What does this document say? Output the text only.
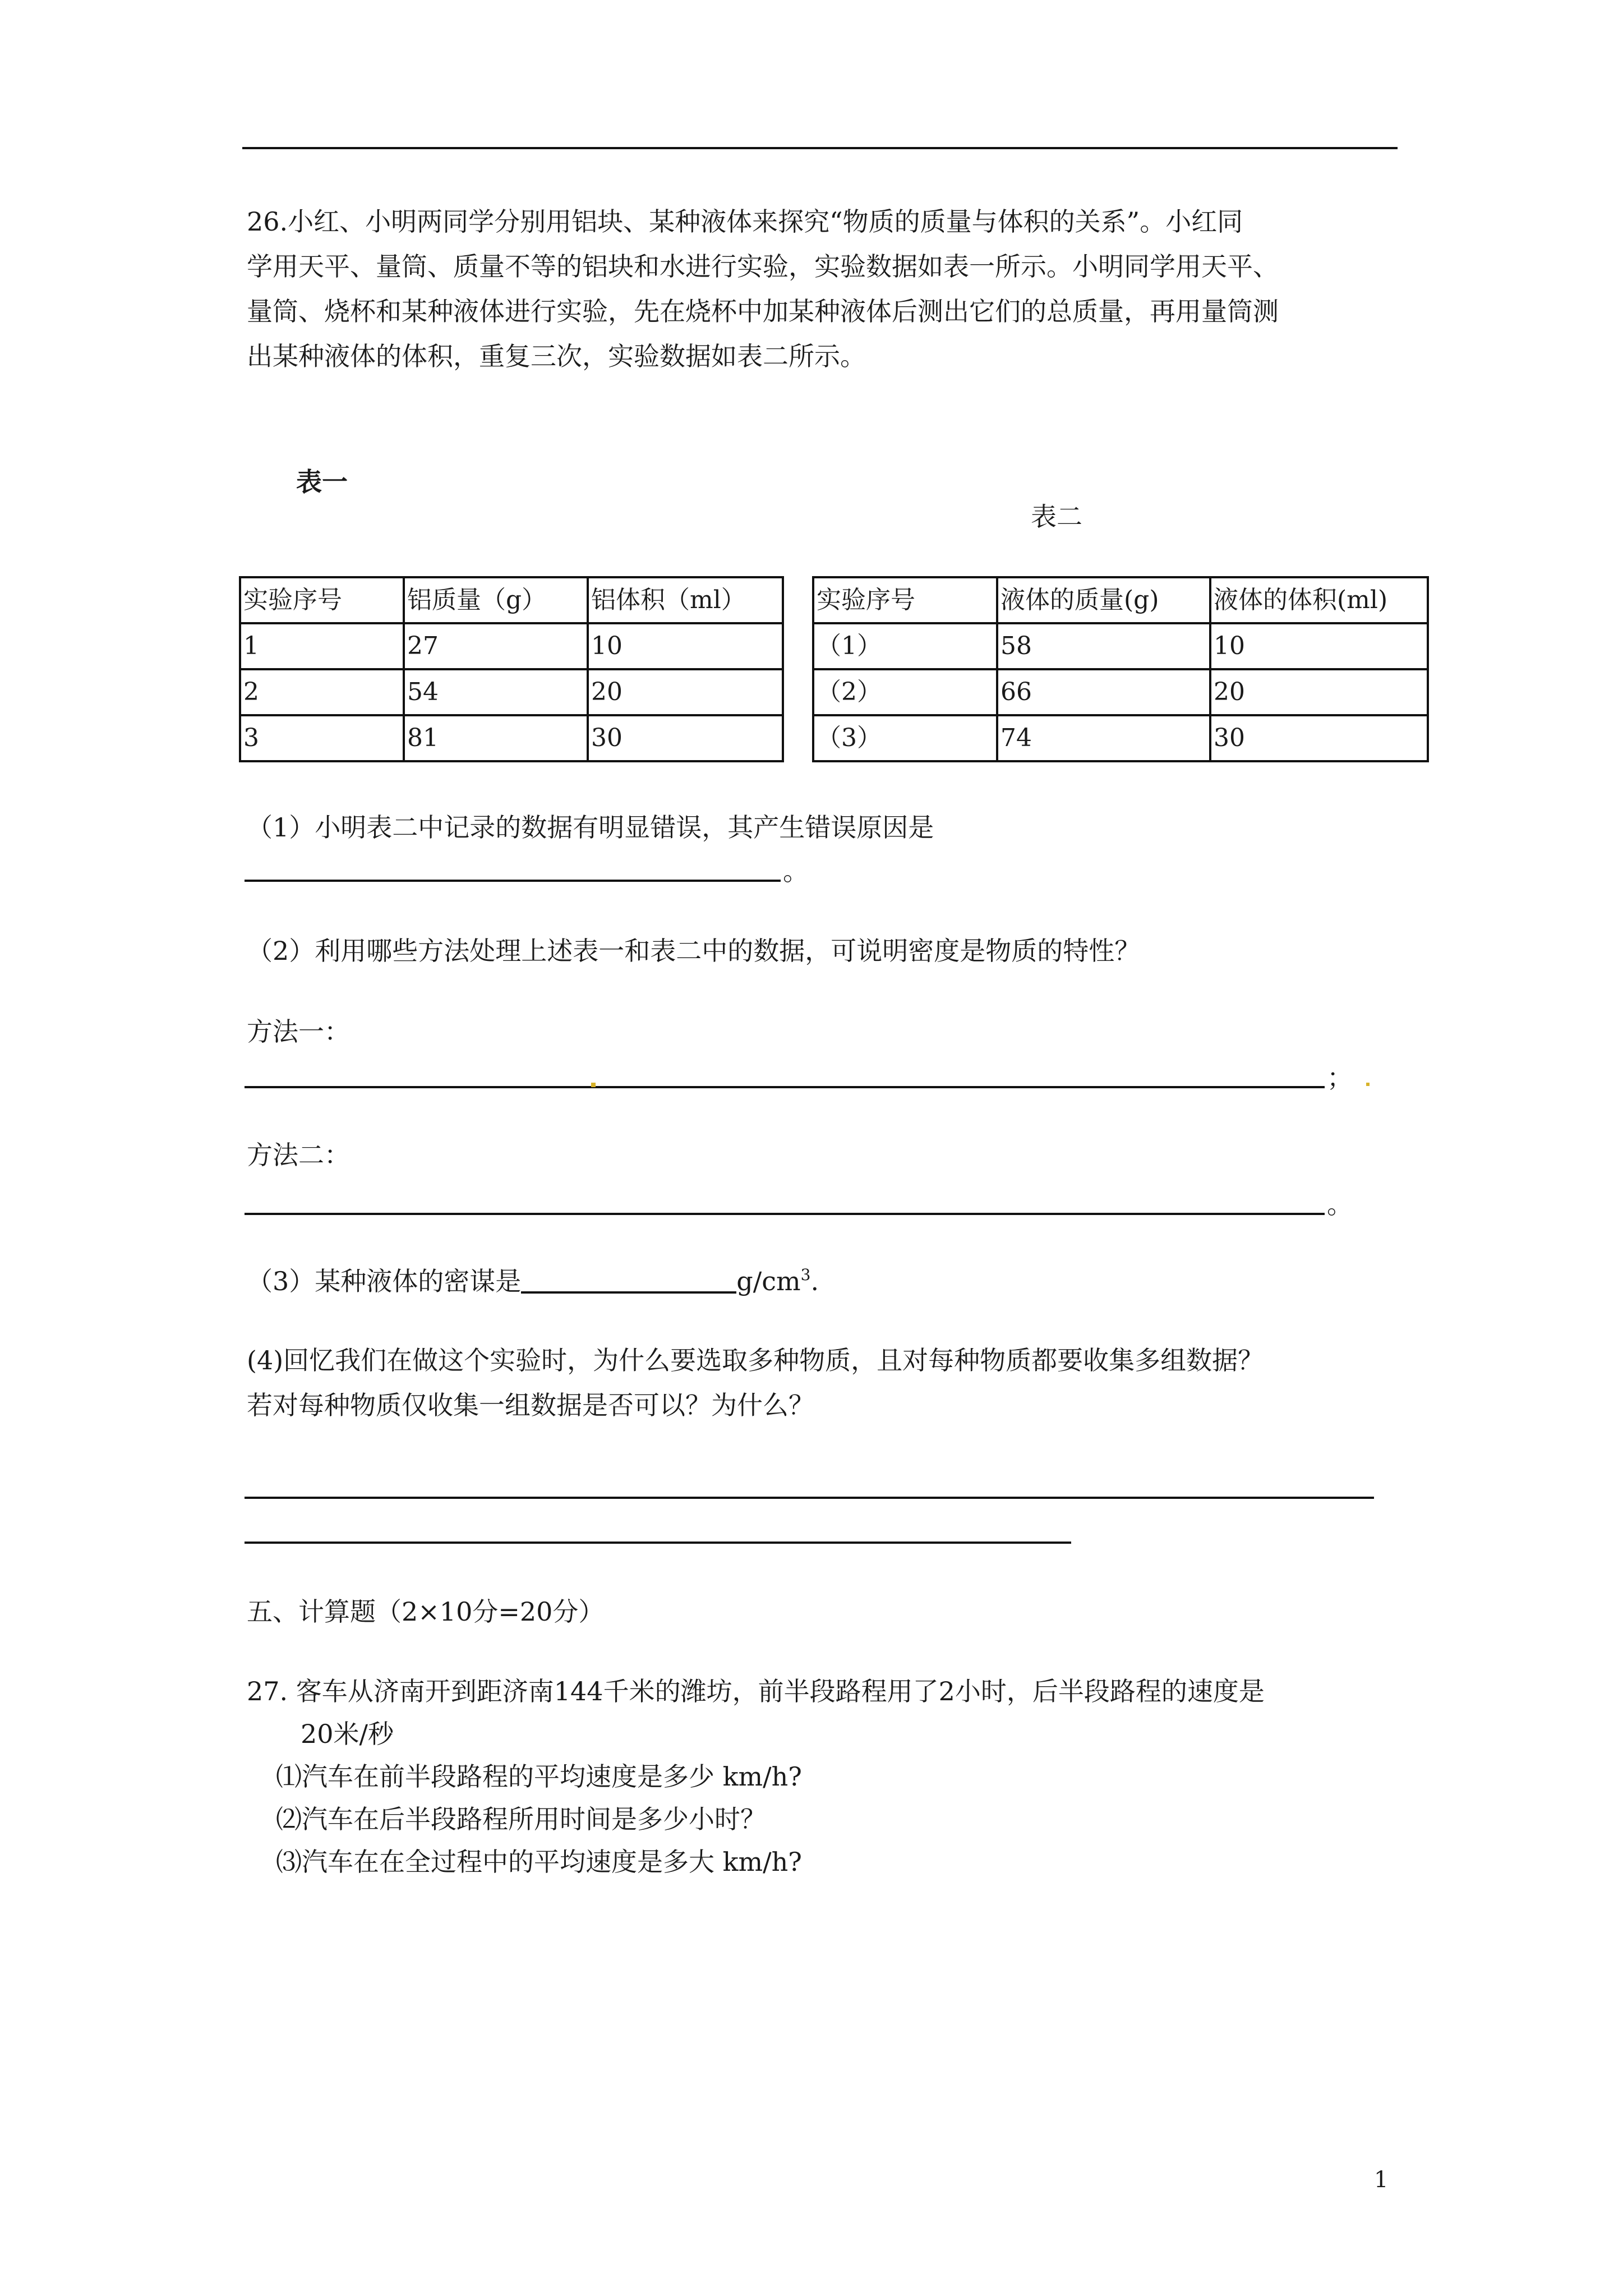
26.小红、小明两同学分别用铝块、某种液体来探究“物质的质量与体积的关系”。小红同
学用天平、量筒、质量不等的铝块和水进行实验，实验数据如表一所示。小明同学用天平、
量筒、烧杯和某种液体进行实验，先在烧杯中加某种液体后测出它们的总质量，再用量筒测
出某种液体的体积，重复三次，实验数据如表二所示。
表一
表二
实验序号	铝质量（g）	铝体积（ml）
1	27	10
2	54	20
3	81	30
实验序号	液体的质量(g)	液体的体积(ml)
（1）	58	10
（2）	66	20
（3）	74	30
（1）小明表二中记录的数据有明显错误，其产生错误原因是
。
（2）利用哪些方法处理上述表一和表二中的数据，可说明密度是物质的特性？
方法一：
；
方法二：
。
（3）某种液体的密谋是	$g/cm^3$.
(4)回忆我们在做这个实验时，为什么要选取多种物质，且对每种物质都要收集多组数据？
若对每种物质仅收集一组数据是否可以？为什么？
五、计算题（2×10分=20分）
27. 客车从济南开到距济南144千米的潍坊，前半段路程用了2小时，后半段路程的速度是
20米/秒
⑴汽车在前半段路程的平均速度是多少 km/h?
⑵汽车在后半段路程所用时间是多少小时？
⑶汽车在在全过程中的平均速度是多大 km/h?
1
